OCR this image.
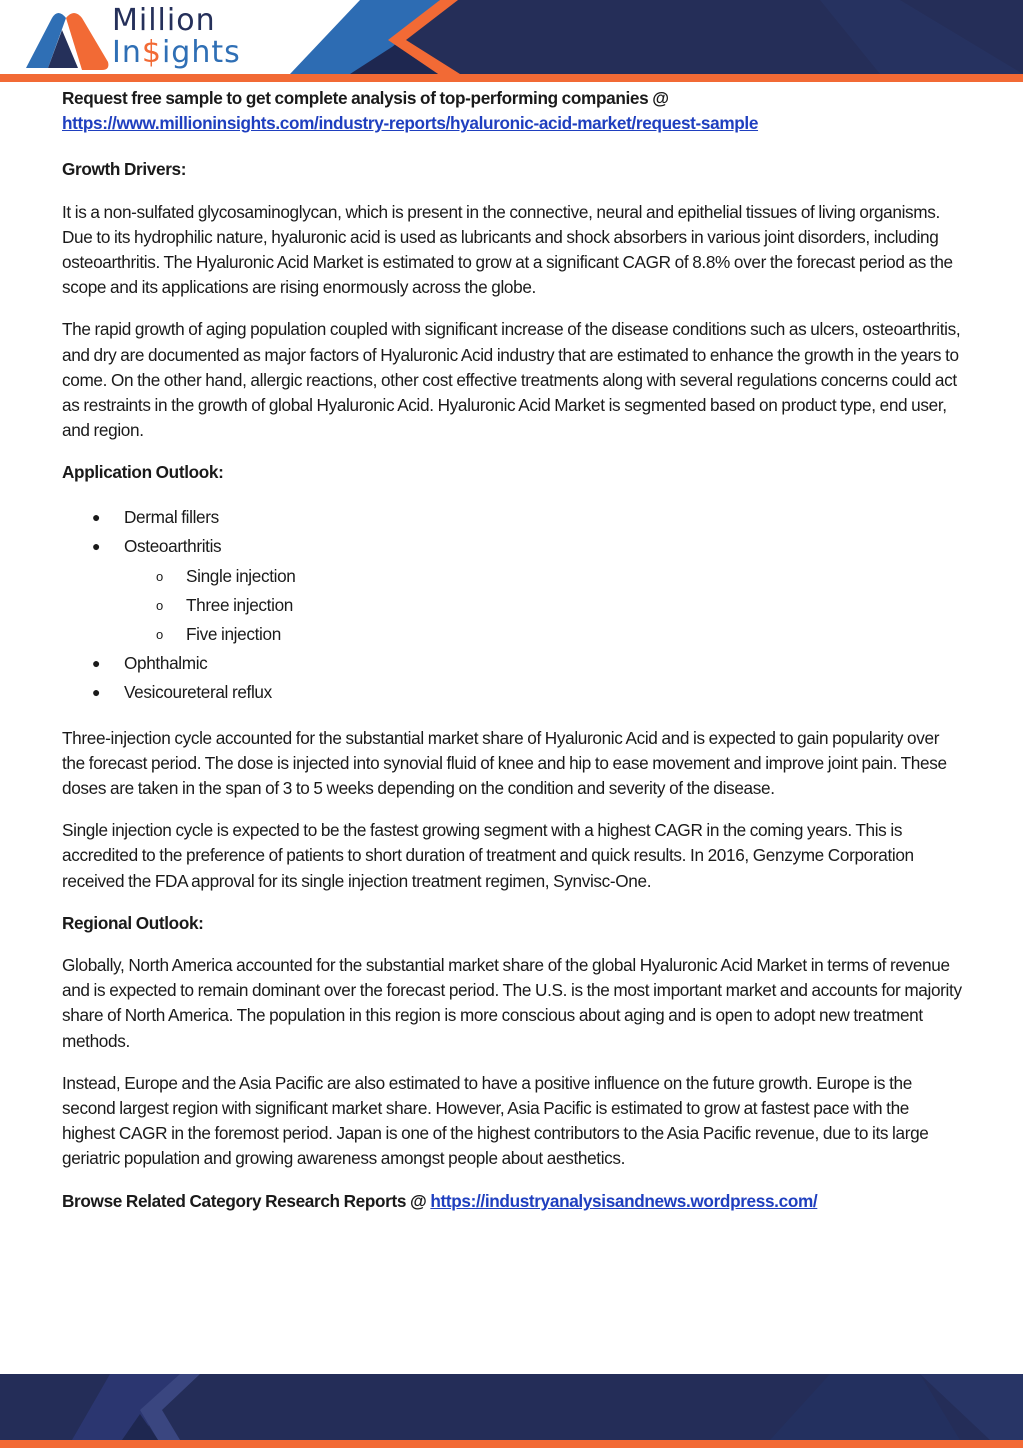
Million
In$ights

Request free sample to get complete analysis of top-performing companies @
https://www.millioninsights.com/industry-reports/hyaluronic-acid-market/request-sample

Growth Drivers:

It is a non-sulfated glycosaminoglycan, which is present in the connective, neural and epithelial tissues of living organisms. Due to its hydrophilic nature, hyaluronic acid is used as lubricants and shock absorbers in various joint disorders, including osteoarthritis. The Hyaluronic Acid Market is estimated to grow at a significant CAGR of 8.8% over the forecast period as the scope and its applications are rising enormously across the globe.

The rapid growth of aging population coupled with significant increase of the disease conditions such as ulcers, osteoarthritis, and dry are documented as major factors of Hyaluronic Acid industry that are estimated to enhance the growth in the years to come. On the other hand, allergic reactions, other cost effective treatments along with several regulations concerns could act as restraints in the growth of global Hyaluronic Acid. Hyaluronic Acid Market is segmented based on product type, end user, and region.

Application Outlook:
● Dermal fillers
● Osteoarthritis
o Single injection
o Three injection
o Five injection
● Ophthalmic
● Vesicoureteral reflux

Three-injection cycle accounted for the substantial market share of Hyaluronic Acid and is expected to gain popularity over the forecast period. The dose is injected into synovial fluid of knee and hip to ease movement and improve joint pain. These doses are taken in the span of 3 to 5 weeks depending on the condition and severity of the disease.

Single injection cycle is expected to be the fastest growing segment with a highest CAGR in the coming years. This is accredited to the preference of patients to short duration of treatment and quick results. In 2016, Genzyme Corporation received the FDA approval for its single injection treatment regimen, Synvisc-One.

Regional Outlook:

Globally, North America accounted for the substantial market share of the global Hyaluronic Acid Market in terms of revenue and is expected to remain dominant over the forecast period. The U.S. is the most important market and accounts for majority share of North America. The population in this region is more conscious about aging and is open to adopt new treatment methods.

Instead, Europe and the Asia Pacific are also estimated to have a positive influence on the future growth. Europe is the second largest region with significant market share. However, Asia Pacific is estimated to grow at fastest pace with the highest CAGR in the foremost period. Japan is one of the highest contributors to the Asia Pacific revenue, due to its large geriatric population and growing awareness amongst people about aesthetics.

Browse Related Category Research Reports @ https://industryanalysisandnews.wordpress.com/
